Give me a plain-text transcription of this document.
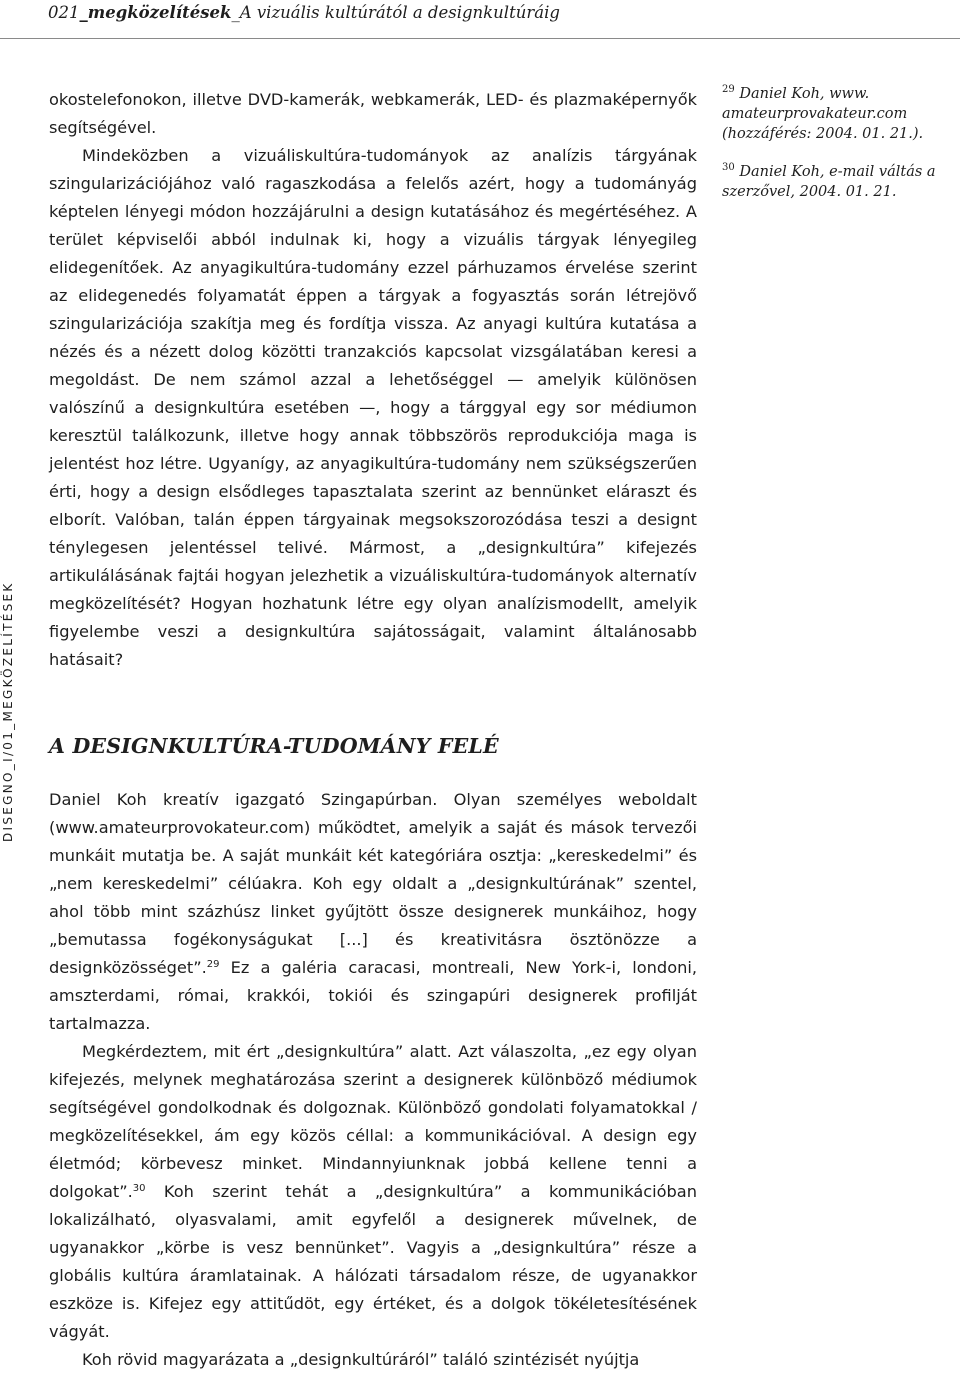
021_megközelítések_A vizuális kultúrától a designkultúráig
DISEGNO_I/01_MEGKÖZELÍTÉSEK

okostelefonokon, illetve DVD-kamerák, webkamerák, LED- és plazmaképernyők segítségével.

Mindeközben a vizuáliskultúra-tudományok az analízis tárgyának szingularizációjához való ragaszkodása a felelős azért, hogy a tudományág képtelen lényegi módon hozzájárulni a design kutatásához és megértéséhez. A terület képviselői abból indulnak ki, hogy a vizuális tárgyak lényegileg elidegenítőek. Az anyagikultúra-tudomány ezzel párhuzamos érvelése szerint az elidegenedés folyamatát éppen a tárgyak a fogyasztás során létrejövő szingularizációja szakítja meg és fordítja vissza. Az anyagi kultúra kutatása a nézés és a nézett dolog közötti tranzakciós kapcsolat vizsgálatában keresi a megoldást. De nem számol azzal a lehetőséggel — amelyik különösen valószínű a designkultúra esetében —, hogy a tárggyal egy sor médiumon keresztül találkozunk, illetve hogy annak többszörös reprodukciója maga is jelentést hoz létre. Ugyanígy, az anyagikultúra-tudomány nem szükségszerűen érti, hogy a design elsődleges tapasztalata szerint az bennünket eláraszt és elborít. Valóban, talán éppen tárgyainak megsokszorozódása teszi a designt ténylegesen jelentéssel telivé. Mármost, a „designkultúra” kifejezés artikulálásának fajtái hogyan jelezhetik a vizuáliskultúra-tudományok alternatív megközelítését? Hogyan hozhatunk létre egy olyan analízismodellt, amelyik figyelembe veszi a designkultúra sajátosságait, valamint általánosabb hatásait?

A DESIGNKULTÚRA-TUDOMÁNY FELÉ

Daniel Koh kreatív igazgató Szingapúrban. Olyan személyes weboldalt (www.amateurprovokateur.com) működtet, amelyik a saját és mások tervezői munkáit mutatja be. A saját munkáit két kategóriára osztja: „kereskedelmi” és „nem kereskedelmi” célúakra. Koh egy oldalt a „designkultúrának” szentel, ahol több mint százhúsz linket gyűjtött össze designerek munkáihoz, hogy „bemutassa fogékonyságukat [...] és kreativitásra ösztönözze a designközösséget”.$^{29}$ Ez a galéria caracasi, montreali, New York-i, londoni, amszterdami, római, krakkói, tokiói és szingapúri designerek profilját tartalmazza.

Megkérdeztem, mit ért „designkultúra” alatt. Azt válaszolta, „ez egy olyan kifejezés, melynek meghatározása szerint a designerek különböző médiumok segítségével gondolkodnak és dolgoznak. Különböző gondolati folyamatokkal / megközelítésekkel, ám egy közös céllal: a kommunikációval. A design egy életmód; körbevesz minket. Mindannyiunknak jobbá kellene tenni a dolgokat”.$^{30}$ Koh szerint tehát a „designkultúra” a kommunikációban lokalizálható, olyasvalami, amit egyfelől a designerek művelnek, de ugyanakkor „körbe is vesz bennünket”. Vagyis a „designkultúra” része a globális kultúra áramlatainak. A hálózati társadalom része, de ugyanakkor eszköze is. Kifejez egy attitűdöt, egy értéket, és a dolgok tökéletesítésének vágyát.

Koh rövid magyarázata a „designkultúráról” találó szintézisét nyújtja

$^{29}$ Daniel Koh, www. amateurprovakateur.com (hozzáférés: 2004. 01. 21.).

$^{30}$ Daniel Koh, e-mail váltás a szerzővel, 2004. 01. 21.
